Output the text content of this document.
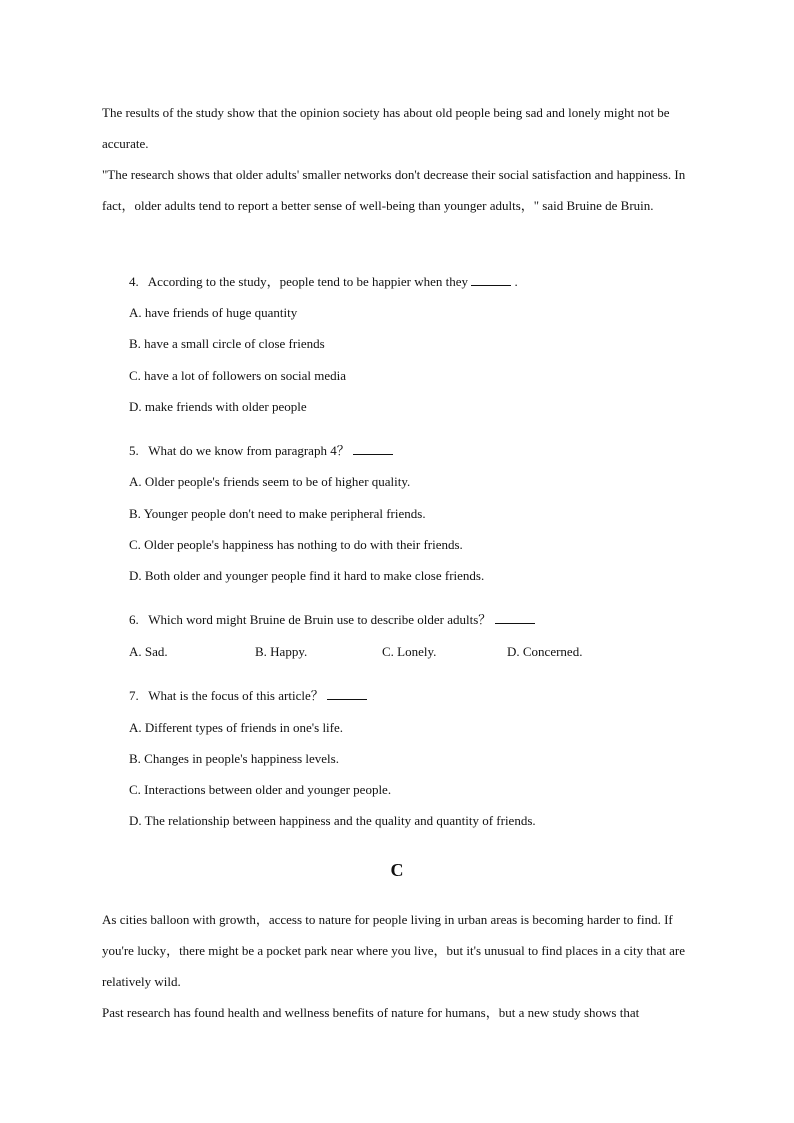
The results of the study show that the opinion society has about old people being sad and lonely might not be accurate.

"The research shows that older adults' smaller networks don't decrease their social satisfaction and happiness. In fact，older adults tend to report a better sense of well-being than younger adults，" said Bruine de Bruin.

4. According to the study，people tend to be happier when they	.
A. have friends of huge quantity
B. have a small circle of close friends
C. have a lot of followers on social media
D. make friends with older people
5. What do we know from paragraph 4？
A. Older people's friends seem to be of higher quality.
B. Younger people don't need to make peripheral friends.
C. Older people's happiness has nothing to do with their friends.
D. Both older and younger people find it hard to make close friends.
6. Which word might Bruine de Bruin use to describe older adults？
A. Sad.	B. Happy.	C. Lonely.	D. Concerned.
7. What is the focus of this article？
A. Different types of friends in one's life.
B. Changes in people's happiness levels.
C. Interactions between older and younger people.
D. The relationship between happiness and the quality and quantity of friends.
C

As cities balloon with growth，access to nature for people living in urban areas is becoming harder to find. If you're lucky，there might be a pocket park near where you live，but it's unusual to find places in a city that are relatively wild.

Past research has found health and wellness benefits of nature for humans，but a new study shows that
